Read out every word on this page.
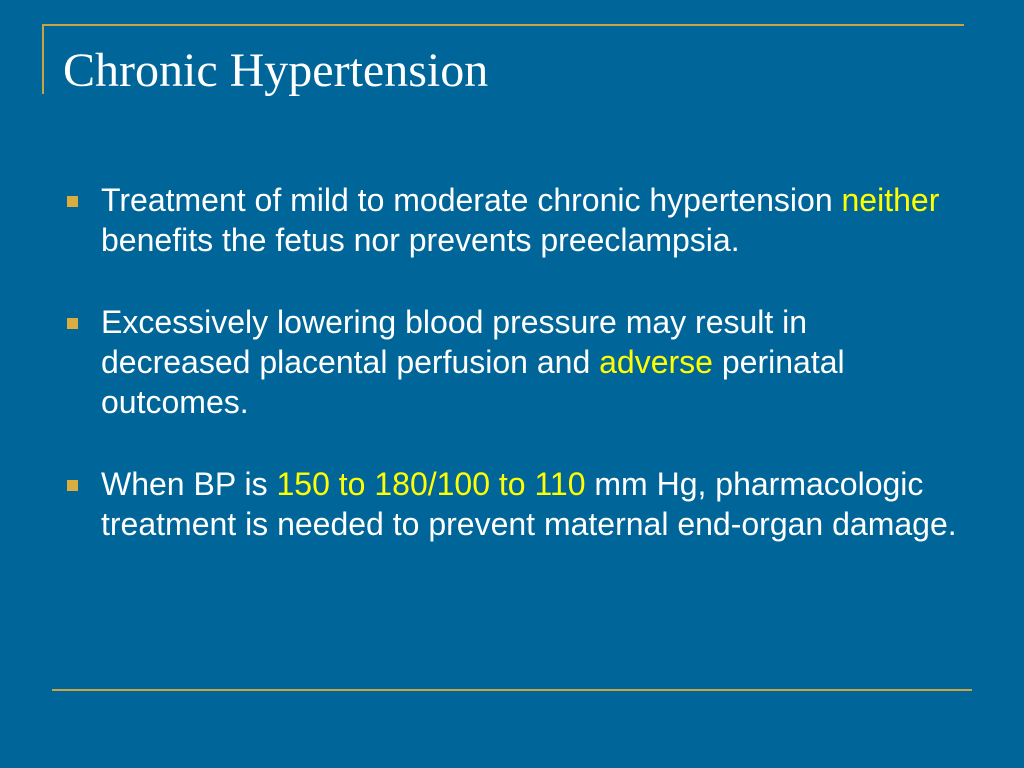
Chronic Hypertension
Treatment of mild to moderate chronic hypertension neither benefits the fetus nor prevents preeclampsia.
Excessively lowering blood pressure may result in decreased placental perfusion and adverse perinatal outcomes.
When BP is 150 to 180/100 to 110 mm Hg, pharmacologic treatment is needed to prevent maternal end-organ damage.
